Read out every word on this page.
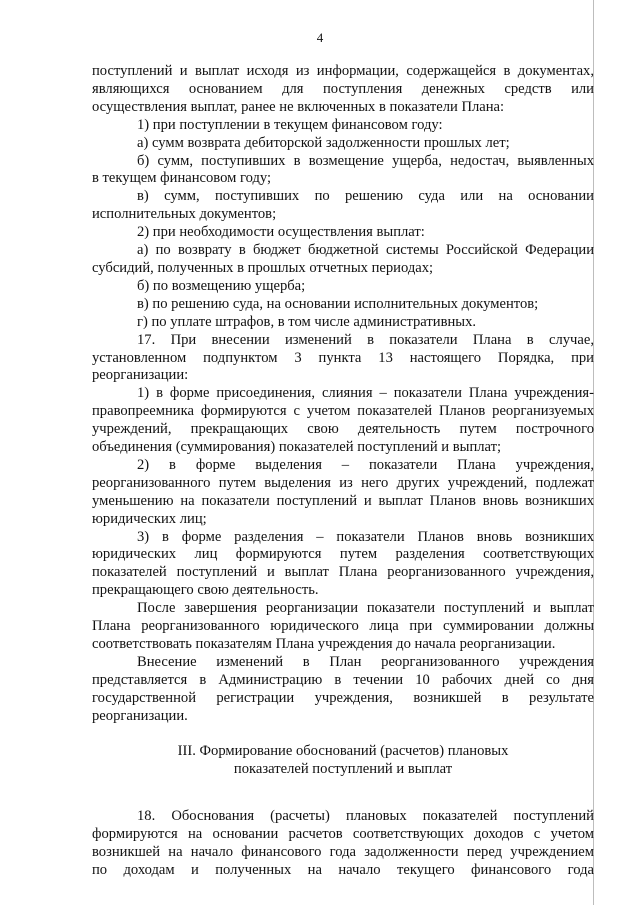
4

поступлений и выплат исходя из информации, содержащейся в документах,

являющихся основанием для поступления денежных средств или

осуществления выплат, ранее не включенных в показатели Плана:

1) при поступлении в текущем финансовом году:

а) сумм возврата дебиторской задолженности прошлых лет;

б) сумм, поступивших в возмещение ущерба, недостач, выявленных

в текущем финансовом году;

в) сумм, поступивших по решению суда или на основании

исполнительных документов;

2) при необходимости осуществления выплат:

а) по возврату в бюджет бюджетной системы Российской Федерации

субсидий, полученных в прошлых отчетных периодах;

б) по возмещению ущерба;

в) по решению суда, на основании исполнительных документов;

г) по уплате штрафов, в том числе административных.

17. При внесении изменений в показатели Плана в случае,

установленном подпунктом 3 пункта 13 настоящего Порядка, при

реорганизации:

1) в форме присоединения, слияния – показатели Плана учреждения-

правопреемника формируются с учетом показателей Планов реорганизуемых

учреждений, прекращающих свою деятельность путем построчного

объединения (суммирования) показателей поступлений и выплат;

2) в форме выделения – показатели Плана учреждения,

реорганизованного путем выделения из него других учреждений, подлежат

уменьшению на показатели поступлений и выплат Планов вновь возникших

юридических лиц;

3) в форме разделения – показатели Планов вновь возникших

юридических лиц формируются путем разделения соответствующих

показателей поступлений и выплат Плана реорганизованного учреждения,

прекращающего свою деятельность.

После завершения реорганизации показатели поступлений и выплат

Плана реорганизованного юридического лица при суммировании должны

соответствовать показателям Плана учреждения до начала реорганизации.

Внесение изменений в План реорганизованного учреждения

представляется в Администрацию в течении 10 рабочих дней со дня

государственной регистрации учреждения, возникшей в результате

реорганизации.

III. Формирование обоснований (расчетов) плановых

показателей поступлений и выплат

18. Обоснования (расчеты) плановых показателей поступлений

формируются на основании расчетов соответствующих доходов с учетом

возникшей на начало финансового года задолженности перед учреждением

по доходам и полученных на начало текущего финансового года
